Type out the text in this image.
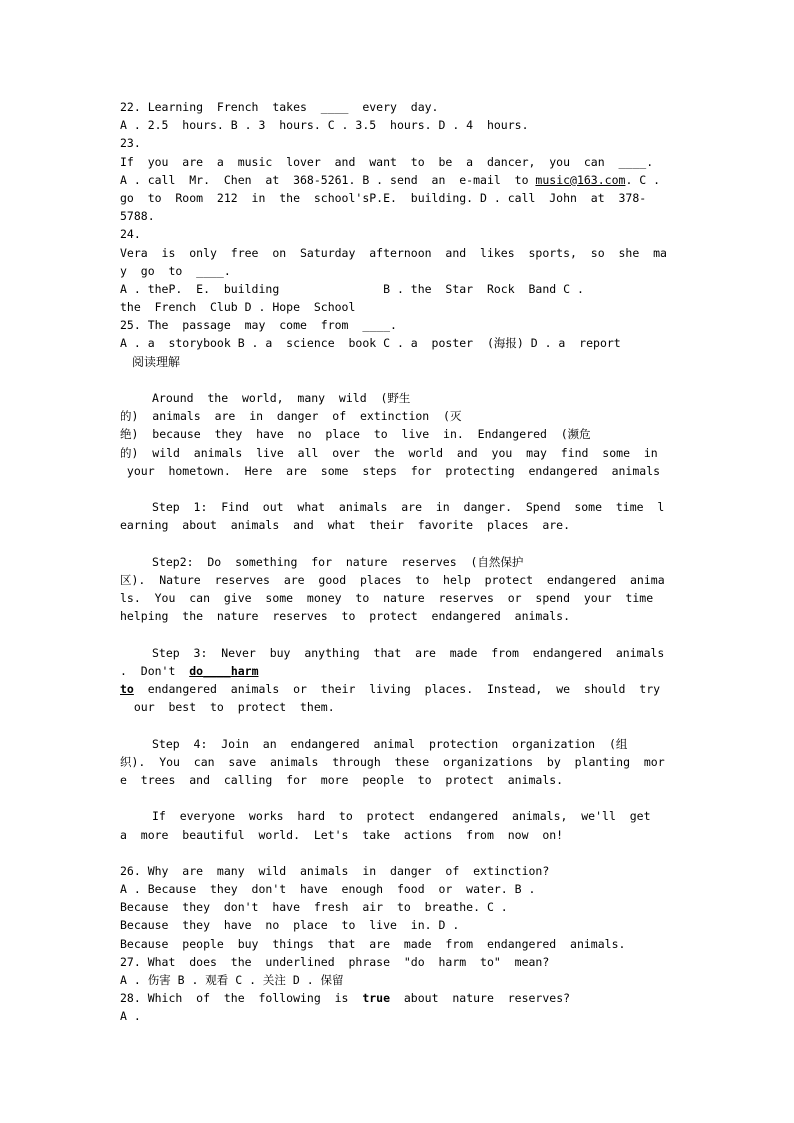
22. Learning  French  takes  ____  every  day.
A . 2.5  hours. B . 3  hours. C . 3.5  hours. D . 4  hours.
23.
If  you  are  a  music  lover  and  want  to  be  a  dancer,  you  can  ____.
A . call  Mr.  Chen  at  368-5261. B . send  an  e-mail  to music@163.com. C .
go  to  Room  212  in  the  school'sP.E.  building. D . call  John  at  378-
5788.
24.
Vera  is  only  free  on  Saturday  afternoon  and  likes  sports,  so  she  ma
y  go  to  ____.
A . theP.  E.  building               B . the  Star  Rock  Band C .
the  French  Club D . Hope  School
25. The  passage  may  come  from  ____.
A . a  storybook B . a  science  book C . a  poster  (海报) D . a  report
阅读理解
Around  the  world,  many  wild  (野生
的)  animals  are  in  danger  of  extinction  (灭
绝)  because  they  have  no  place  to  live  in.  Endangered  (濒危
的)  wild  animals  live  all  over  the  world  and  you  may  find  some  in
your  hometown.  Here  are  some  steps  for  protecting  endangered  animals
Step  1:  Find  out  what  animals  are  in  danger.  Spend  some  time  l
earning  about  animals  and  what  their  favorite  places  are.
Step2:  Do  something  for  nature  reserves  (自然保护
区).  Nature  reserves  are  good  places  to  help  protect  endangered  anima
ls.  You  can  give  some  money  to  nature  reserves  or  spend  your  time
helping  the  nature  reserves  to  protect  endangered  animals.
Step  3:  Never  buy  anything  that  are  made  from  endangered  animals
.  Don't  do____harm
to  endangered  animals  or  their  living  places.  Instead,  we  should  try
our  best  to  protect  them.
Step  4:  Join  an  endangered  animal  protection  organization  (组
织).  You  can  save  animals  through  these  organizations  by  planting  mor
e  trees  and  calling  for  more  people  to  protect  animals.
If  everyone  works  hard  to  protect  endangered  animals,  we'll  get
a  more  beautiful  world.  Let's  take  actions  from  now  on!
26. Why  are  many  wild  animals  in  danger  of  extinction?
A . Because  they  don't  have  enough  food  or  water. B .
Because  they  don't  have  fresh  air  to  breathe. C .
Because  they  have  no  place  to  live  in. D .
Because  people  buy  things  that  are  made  from  endangered  animals.
27. What  does  the  underlined  phrase  "do  harm  to"  mean?
A . 伤害 B . 观看 C . 关注 D . 保留
28. Which  of  the  following  is  true  about  nature  reserves?
A .
